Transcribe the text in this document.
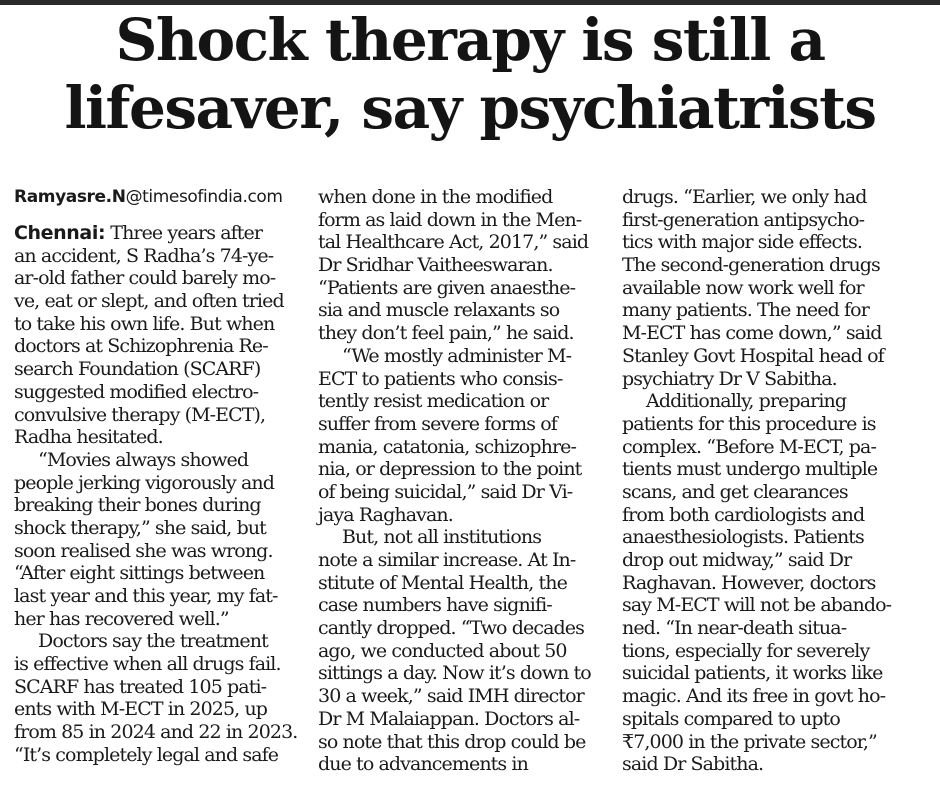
Shock therapy is still a
lifesaver, say psychiatrists
Ramyasre.N@timesofindia.com
Chennai: Three years after
an accident, S Radha’s 74-ye-
ar-old father could barely mo-
ve, eat or slept, and often tried
to take his own life. But when
doctors at Schizophrenia Re-
search Foundation (SCARF)
suggested modified electro-
convulsive therapy (M-ECT),
Radha hesitated.
“Movies always showed
people jerking vigorously and
breaking their bones during
shock therapy,” she said, but
soon realised she was wrong.
“After eight sittings between
last year and this year, my fat-
her has recovered well.”
Doctors say the treatment
is effective when all drugs fail.
SCARF has treated 105 pati-
ents with M-ECT in 2025, up
from 85 in 2024 and 22 in 2023.
“It’s completely legal and safe
when done in the modified
form as laid down in the Men-
tal Healthcare Act, 2017,” said
Dr Sridhar Vaitheeswaran.
“Patients are given anaesthe-
sia and muscle relaxants so
they don’t feel pain,” he said.
“We mostly administer M-
ECT to patients who consis-
tently resist medication or
suffer from severe forms of
mania, catatonia, schizophre-
nia, or depression to the point
of being suicidal,” said Dr Vi-
jaya Raghavan.
But, not all institutions
note a similar increase. At In-
stitute of Mental Health, the
case numbers have signifi-
cantly dropped. “Two decades
ago, we conducted about 50
sittings a day. Now it’s down to
30 a week,” said IMH director
Dr M Malaiappan. Doctors al-
so note that this drop could be
due to advancements in
drugs. “Earlier, we only had
first-generation antipsycho-
tics with major side effects.
The second-generation drugs
available now work well for
many patients. The need for
M-ECT has come down,” said
Stanley Govt Hospital head of
psychiatry Dr V Sabitha.
Additionally, preparing
patients for this procedure is
complex. “Before M-ECT, pa-
tients must undergo multiple
scans, and get clearances
from both cardiologists and
anaesthesiologists. Patients
drop out midway,” said Dr
Raghavan. However, doctors
say M-ECT will not be abando-
ned. “In near-death situa-
tions, especially for severely
suicidal patients, it works like
magic. And its free in govt ho-
spitals compared to upto
₹7,000 in the private sector,”
said Dr Sabitha.
